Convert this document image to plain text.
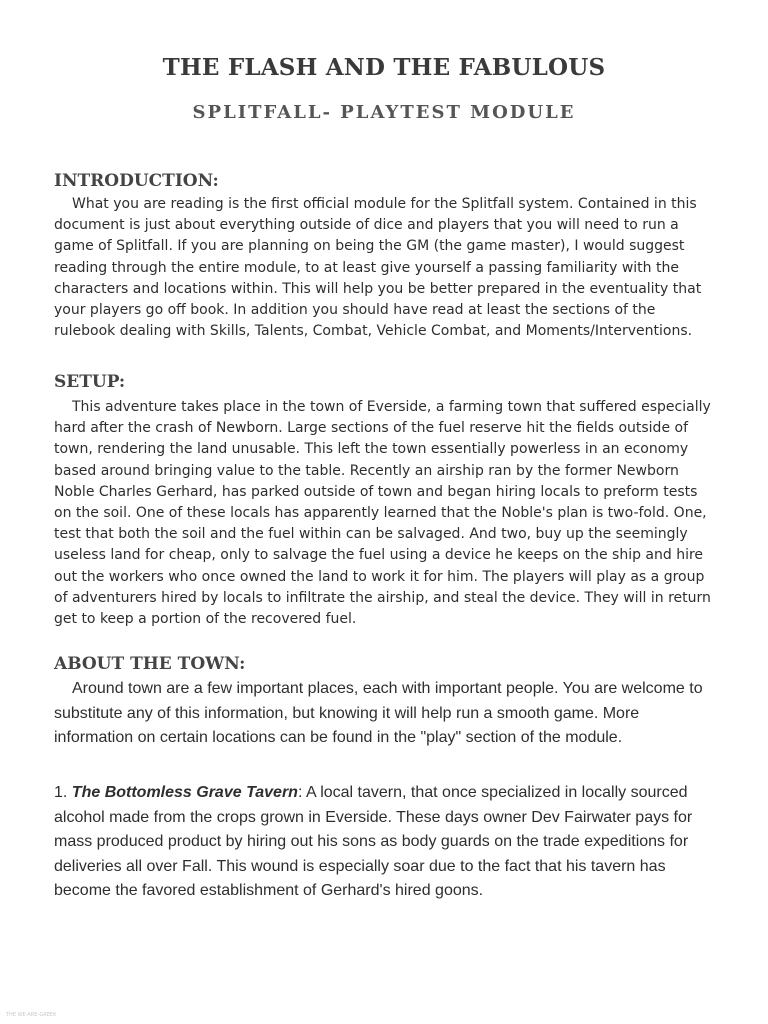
THE FLASH AND THE FABULOUS
SPLITFALL- PLAYTEST MODULE
INTRODUCTION:

What you are reading is the first official module for the Splitfall system. Contained in this document is just about everything outside of dice and players that you will need to run a game of Splitfall. If you are planning on being the GM (the game master), I would suggest reading through the entire module, to at least give yourself a passing familiarity with the characters and locations within. This will help you be better prepared in the eventuality that your players go off book. In addition you should have read at least the sections of the rulebook dealing with Skills, Talents, Combat, Vehicle Combat, and Moments/Interventions.

SETUP:

This adventure takes place in the town of Everside, a farming town that suffered especially hard after the crash of Newborn. Large sections of the fuel reserve hit the fields outside of town, rendering the land unusable. This left the town essentially powerless in an economy based around bringing value to the table. Recently an airship ran by the former Newborn Noble Charles Gerhard, has parked outside of town and began hiring locals to preform tests on the soil. One of these locals has apparently learned that the Noble's plan is two-fold. One, test that both the soil and the fuel within can be salvaged. And two, buy up the seemingly useless land for cheap, only to salvage the fuel using a device he keeps on the ship and hire out the workers who once owned the land to work it for him. The players will play as a group of adventurers hired by locals to infiltrate the airship, and steal the device. They will in return get to keep a portion of the recovered fuel.

ABOUT THE TOWN:

Around town are a few important places, each with important people. You are welcome to substitute any of this information, but knowing it will help run a smooth game. More information on certain locations can be found in the "play" section of the module.

1. The Bottomless Grave Tavern: A local tavern, that once specialized in locally sourced alcohol made from the crops grown in Everside. These days owner Dev Fairwater pays for mass produced product by hiring out his sons as body guards on the trade expeditions for deliveries all over Fall. This wound is especially soar due to the fact that his tavern has become the favored establishment of Gerhard's hired goons.

THE WE-ARE-GREEK
